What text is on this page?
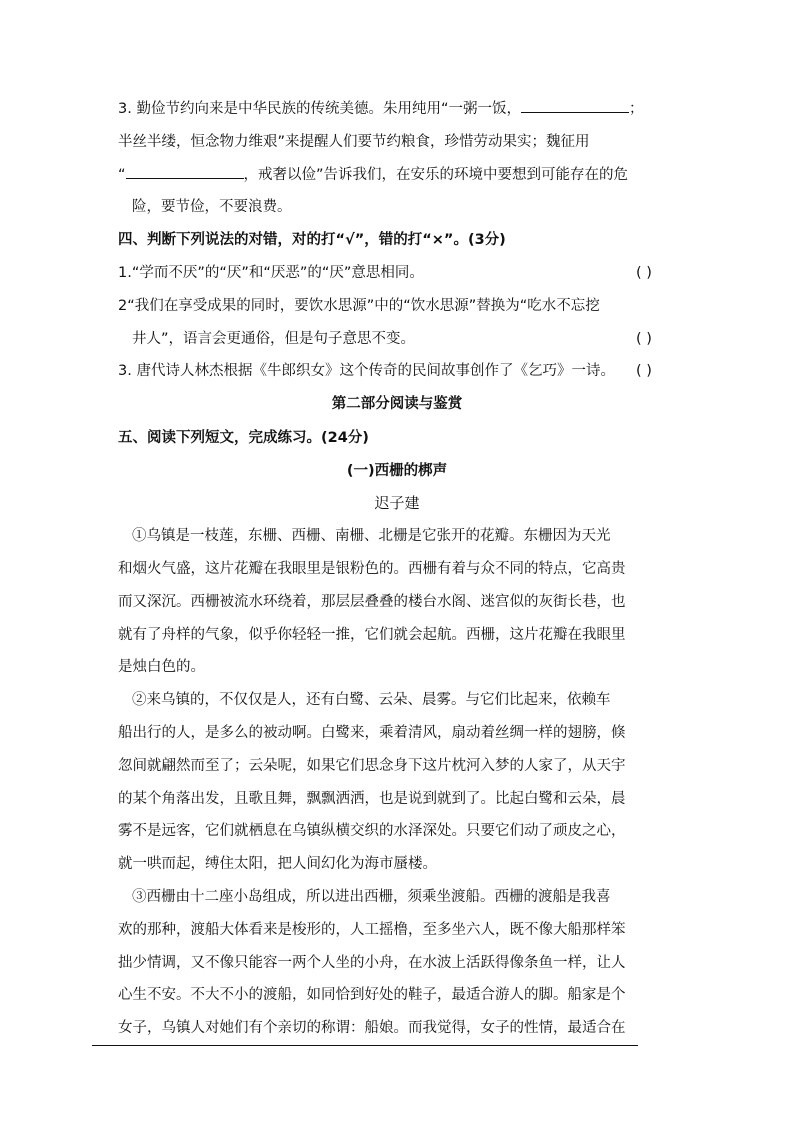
3. 勤俭节约向来是中华民族的传统美德。朱用纯用“一粥一饭，	；
半丝半缕，恒念物力维艰”来提醒人们要节约粮食，珍惜劳动果实；魏征用
“	，戒奢以俭”告诉我们，在安乐的环境中要想到可能存在的危
险，要节俭，不要浪费。
四、判断下列说法的对错，对的打“√”，错的打“×”。(3分)
1.“学而不厌”的“厌”和“厌恶”的“厌”意思相同。	( )
2“我们在享受成果的同时，要饮水思源”中的“饮水思源”替换为“吃水不忘挖
井人”，语言会更通俗，但是句子意思不变。	( )
3. 唐代诗人林杰根据《牛郎织女》这个传奇的民间故事创作了《乞巧》一诗。 ( )
第二部分阅读与鉴赏
五、阅读下列短文，完成练习。(24分)
(一)西栅的梆声
迟子建
①乌镇是一枝莲，东栅、西栅、南栅、北栅是它张开的花瓣。东栅因为天光
和烟火气盛，这片花瓣在我眼里是银粉色的。西栅有着与众不同的特点，它高贵
而又深沉。西栅被流水环绕着，那层层叠叠的楼台水阁、迷宫似的灰街长巷，也
就有了舟样的气象，似乎你轻轻一推，它们就会起航。西栅，这片花瓣在我眼里
是烛白色的。
②来乌镇的，不仅仅是人，还有白鹭、云朵、晨雾。与它们比起来，依赖车
船出行的人，是多么的被动啊。白鹭来，乘着清风，扇动着丝绸一样的翅膀，倏
忽间就翩然而至了；云朵呢，如果它们思念身下这片枕河入梦的人家了，从天宇
的某个角落出发，且歌且舞，飘飘洒洒，也是说到就到了。比起白鹭和云朵，晨
雾不是远客，它们就栖息在乌镇纵横交织的水泽深处。只要它们动了顽皮之心，
就一哄而起，缚住太阳，把人间幻化为海市蜃楼。
③西栅由十二座小岛组成，所以进出西栅，须乘坐渡船。西栅的渡船是我喜
欢的那种，渡船大体看来是梭形的，人工摇橹，至多坐六人，既不像大船那样笨
拙少情调，又不像只能容一两个人坐的小舟，在水波上活跃得像条鱼一样，让人
心生不安。不大不小的渡船，如同恰到好处的鞋子，最适合游人的脚。船家是个
女子，乌镇人对她们有个亲切的称谓：船娘。而我觉得，女子的性情，最适合在
